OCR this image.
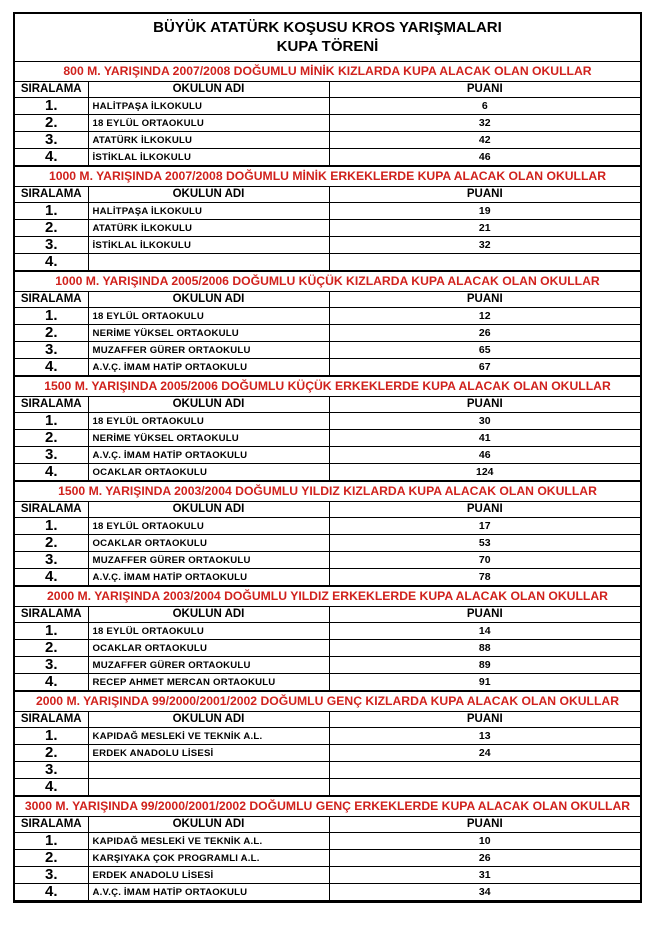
BÜYÜK ATATÜRK KOŞUSU KROS YARIŞMALARI
KUPA TÖRENİ
800 M. YARIŞINDA 2007/2008 DOĞUMLU MİNİK KIZLARDA KUPA ALACAK OLAN OKULLAR
SIRALAMA	OKULUN ADI	PUANI
1.	HALİTPAŞA İLKOKULU	6
2.	18 EYLÜL ORTAOKULU	32
3.	ATATÜRK İLKOKULU	42
4.	İSTİKLAL İLKOKULU	46
1000 M. YARIŞINDA 2007/2008 DOĞUMLU MİNİK ERKEKLERDE KUPA ALACAK OLAN OKULLAR
SIRALAMA	OKULUN ADI	PUANI
1.	HALİTPAŞA İLKOKULU	19
2.	ATATÜRK İLKOKULU	21
3.	İSTİKLAL İLKOKULU	32
4.		
1000 M. YARIŞINDA 2005/2006 DOĞUMLU KÜÇÜK KIZLARDA KUPA ALACAK OLAN OKULLAR
SIRALAMA	OKULUN ADI	PUANI
1.	18 EYLÜL ORTAOKULU	12
2.	NERİME YÜKSEL ORTAOKULU	26
3.	MUZAFFER GÜRER ORTAOKULU	65
4.	A.V.Ç. İMAM HATİP ORTAOKULU	67
1500 M. YARIŞINDA 2005/2006 DOĞUMLU KÜÇÜK ERKEKLERDE KUPA ALACAK OLAN OKULLAR
SIRALAMA	OKULUN ADI	PUANI
1.	18 EYLÜL ORTAOKULU	30
2.	NERİME YÜKSEL ORTAOKULU	41
3.	A.V.Ç. İMAM HATİP ORTAOKULU	46
4.	OCAKLAR ORTAOKULU	124
1500 M. YARIŞINDA 2003/2004 DOĞUMLU YILDIZ KIZLARDA KUPA ALACAK OLAN OKULLAR
SIRALAMA	OKULUN ADI	PUANI
1.	18 EYLÜL ORTAOKULU	17
2.	OCAKLAR ORTAOKULU	53
3.	MUZAFFER GÜRER ORTAOKULU	70
4.	A.V.Ç. İMAM HATİP ORTAOKULU	78
2000 M. YARIŞINDA 2003/2004 DOĞUMLU YILDIZ ERKEKLERDE KUPA ALACAK OLAN OKULLAR
SIRALAMA	OKULUN ADI	PUANI
1.	18 EYLÜL ORTAOKULU	14
2.	OCAKLAR ORTAOKULU	88
3.	MUZAFFER GÜRER ORTAOKULU	89
4.	RECEP AHMET MERCAN ORTAOKULU	91
2000 M. YARIŞINDA 99/2000/2001/2002 DOĞUMLU GENÇ KIZLARDA KUPA ALACAK OLAN OKULLAR
SIRALAMA	OKULUN ADI	PUANI
1.	KAPIDAĞ MESLEKİ VE TEKNİK A.L.	13
2.	ERDEK ANADOLU LİSESİ	24
3.		
4.		
3000 M. YARIŞINDA 99/2000/2001/2002 DOĞUMLU GENÇ ERKEKLERDE KUPA ALACAK OLAN OKULLAR
SIRALAMA	OKULUN ADI	PUANI
1.	KAPIDAĞ MESLEKİ VE TEKNİK A.L.	10
2.	KARŞIYAKA ÇOK PROGRAMLI A.L.	26
3.	ERDEK ANADOLU LİSESİ	31
4.	A.V.Ç. İMAM HATİP ORTAOKULU	34
